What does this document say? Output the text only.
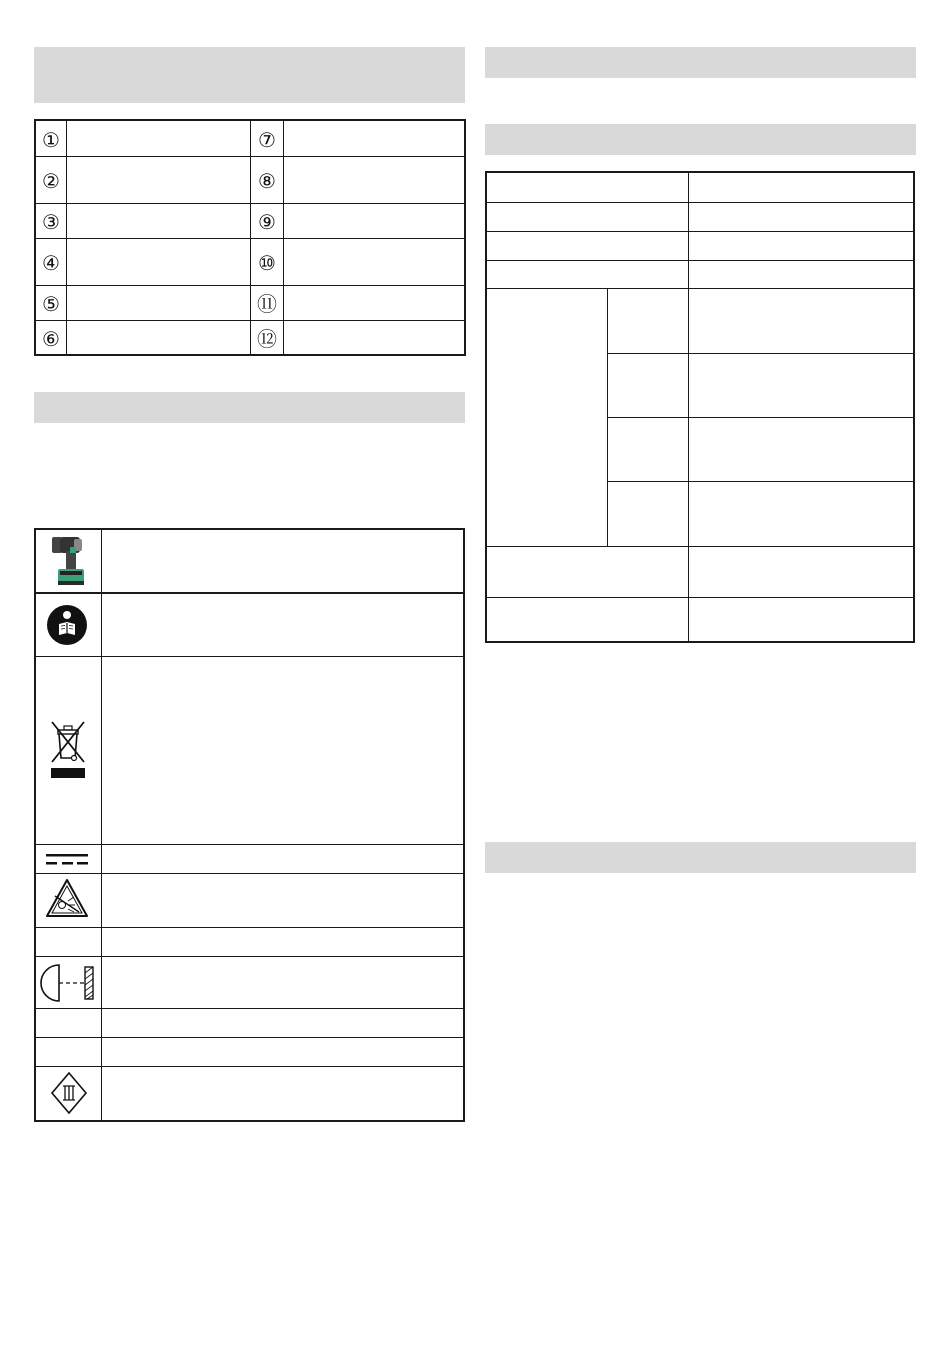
①
②
③
④
⑤
⑥
⑦
⑧
⑨
⑩
⑪
⑫
